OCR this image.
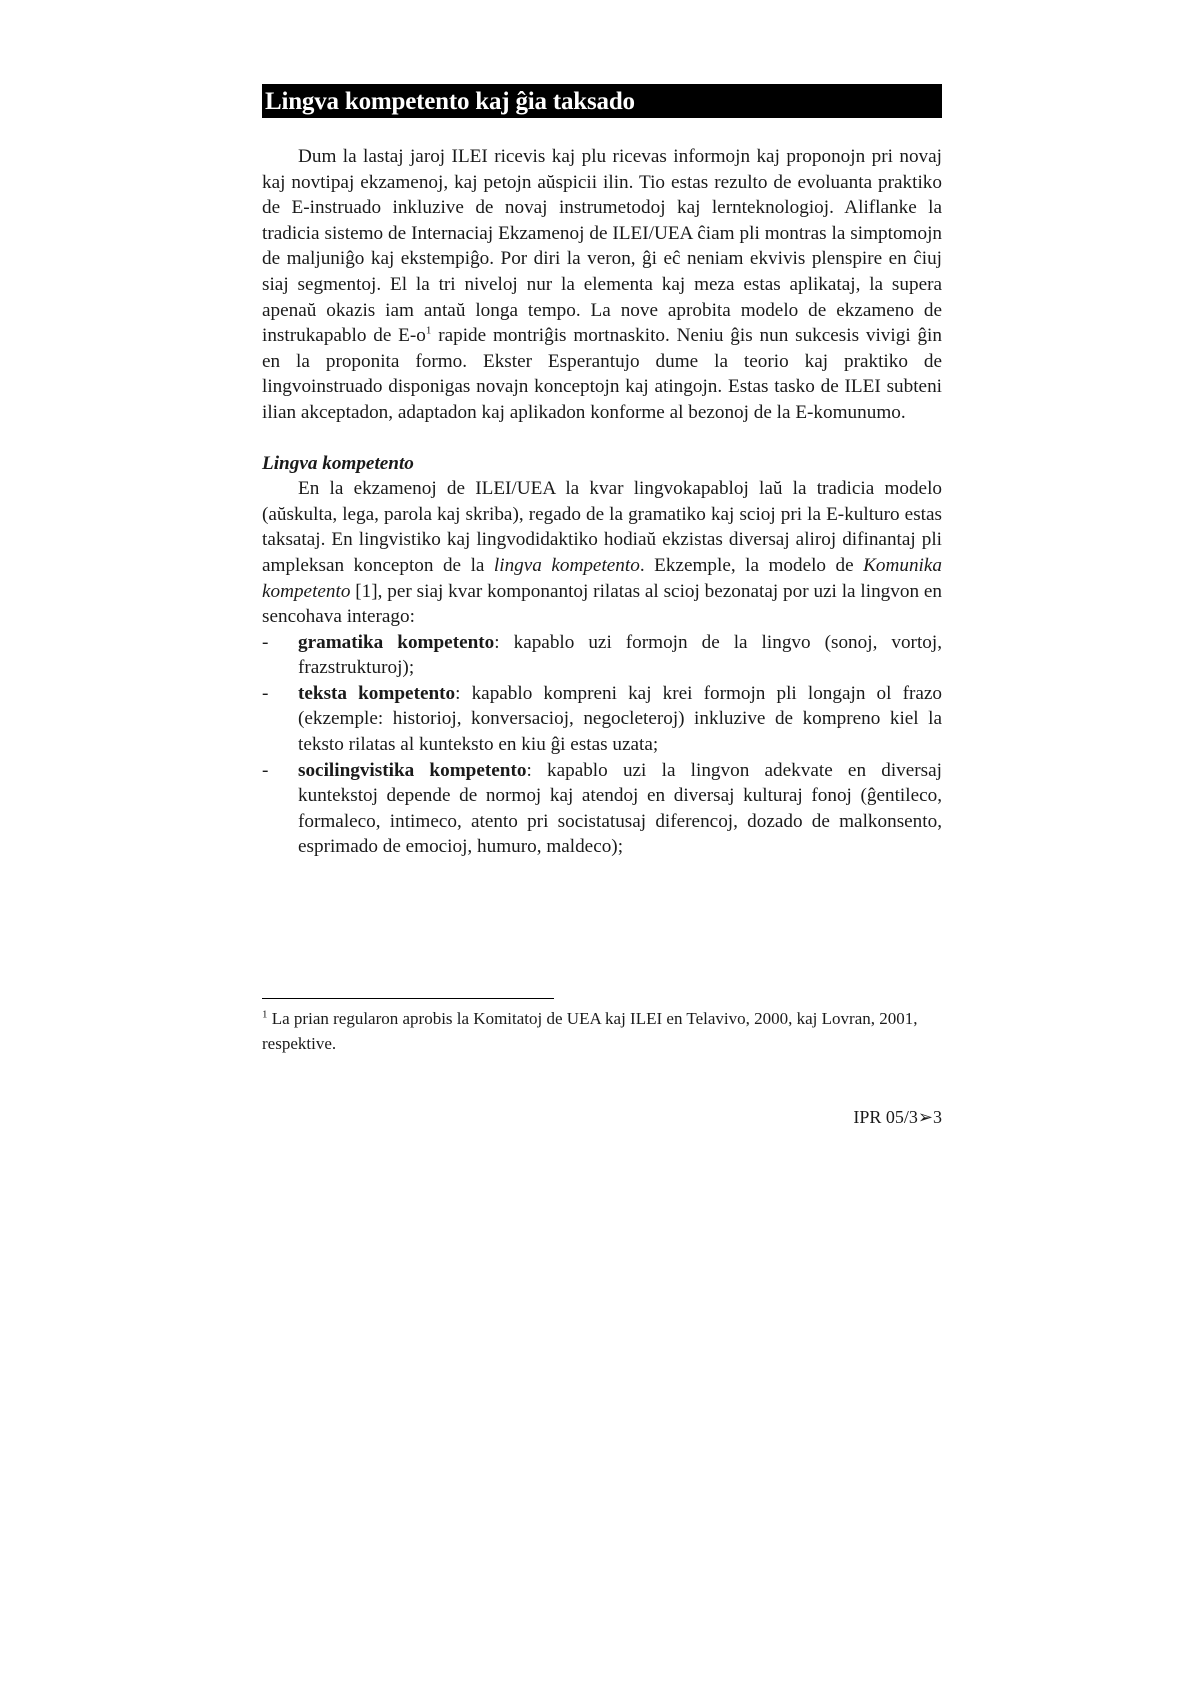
Lingva kompetento kaj ĝia taksado

Dum la lastaj jaroj ILEI ricevis kaj plu ricevas informojn kaj proponojn pri novaj kaj novtipaj ekzamenoj, kaj petojn aŭspicii ilin. Tio estas rezulto de evoluanta praktiko de E-instruado inkluzive de novaj instrumetodoj kaj lernteknologioj. Aliflanke la tradicia sistemo de Internaciaj Ekzamenoj de ILEI/UEA ĉiam pli montras la simptomojn de maljuniĝo kaj ekstempiĝo. Por diri la veron, ĝi eĉ neniam ekvivis plenspire en ĉiuj siaj segmentoj. El la tri niveloj nur la elementa kaj meza estas aplikataj, la supera apenaŭ okazis iam antaŭ longa tempo. La nove aprobita modelo de ekzameno de instrukapablo de $E-o^1$ rapide montriĝis mortnaskito. Neniu ĝis nun sukcesis vivigi ĝin en la proponita formo. Ekster Esperantujo dume la teorio kaj praktiko de lingvoinstruado disponigas novajn konceptojn kaj atingojn. Estas tasko de ILEI subteni ilian akceptadon, adaptadon kaj aplikadon konforme al bezonoj de la E-komunumo.

Lingva kompetento

En la ekzamenoj de ILEI/UEA la kvar lingvokapabloj laŭ la tradicia modelo (aŭskulta, lega, parola kaj skriba), regado de la gramatiko kaj scioj pri la E-kulturo estas taksataj. En lingvistiko kaj lingvodidaktiko hodiaŭ ekzistas diversaj aliroj difinantaj pli ampleksan koncepton de la lingva kompetento. Ekzemple, la modelo de Komunika kompetento [1], per siaj kvar komponantoj rilatas al scioj bezonataj por uzi la lingvon en sencohava interago:

- gramatika kompetento: kapablo uzi formojn de la lingvo (sonoj, vortoj, frazstrukturoj);
- teksta kompetento: kapablo kompreni kaj krei formojn pli longajn ol frazo (ekzemple: historioj, konversacioj, negocleteroj) inkluzive de kompreno kiel la teksto rilatas al kunteksto en kiu ĝi estas uzata;
- socilingvistika kompetento: kapablo uzi la lingvon adekvate en diversaj kuntekstoj depende de normoj kaj atendoj en diversaj kulturaj fonoj (ĝentileco, formaleco, intimeco, atento pri socistatusaj diferencoj, dozado de malkonsento, esprimado de emocioj, humuro, maldeco);
$^1$ La prian regularon aprobis la Komitatoj de UEA kaj ILEI en Telavivo, 2000, kaj Lovran, 2001, respektive.
IPR 05/3➢3
